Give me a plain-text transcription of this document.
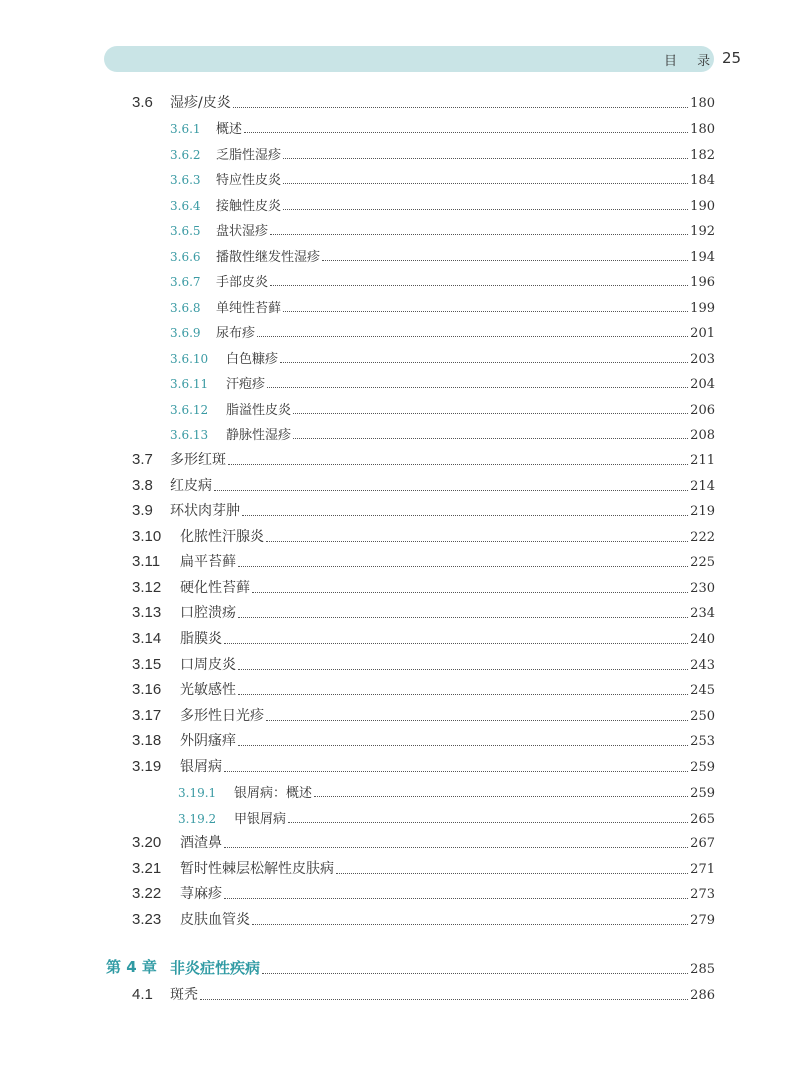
目 录 25
3.6 湿疹/皮炎	180
3.6.1 概述	180
3.6.2 乏脂性湿疹	182
3.6.3 特应性皮炎	184
3.6.4 接触性皮炎	190
3.6.5 盘状湿疹	192
3.6.6 播散性继发性湿疹	194
3.6.7 手部皮炎	196
3.6.8 单纯性苔藓	199
3.6.9 尿布疹	201
3.6.10 白色糠疹	203
3.6.11 汗疱疹	204
3.6.12 脂溢性皮炎	206
3.6.13 静脉性湿疹	208
3.7 多形红斑	211
3.8 红皮病	214
3.9 环状肉芽肿	219
3.10 化脓性汗腺炎	222
3.11 扁平苔藓	225
3.12 硬化性苔藓	230
3.13 口腔溃疡	234
3.14 脂膜炎	240
3.15 口周皮炎	243
3.16 光敏感性	245
3.17 多形性日光疹	250
3.18 外阴瘙痒	253
3.19 银屑病	259
3.19.1 银屑病：概述	259
3.19.2 甲银屑病	265
3.20 酒渣鼻	267
3.21 暂时性棘层松解性皮肤病	271
3.22 荨麻疹	273
3.23 皮肤血管炎	279
第 4 章 非炎症性疾病	285
4.1 斑秃	286
